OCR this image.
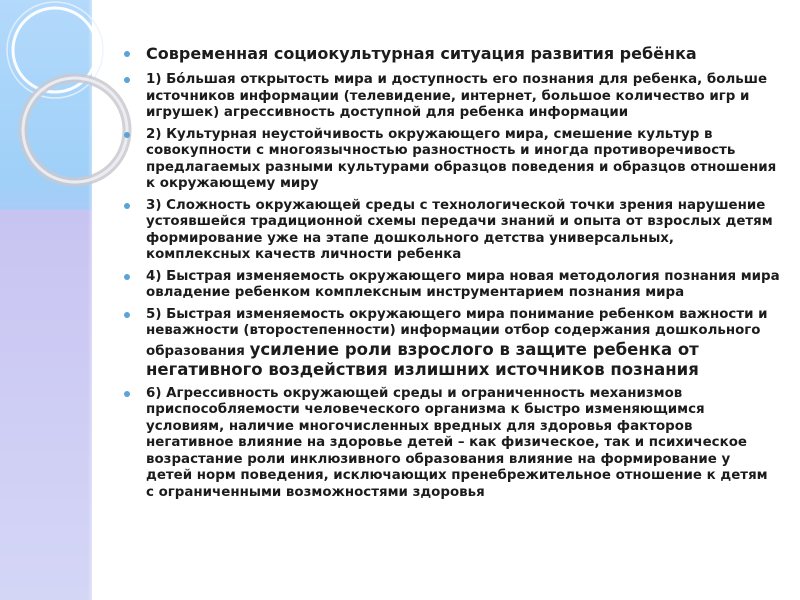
Современная социокультурная ситуация развития ребёнка
1) Бо́льшая открытость мира и доступность его познания для ребенка, больше источников информации (телевидение, интернет, большое количество игр и игрушек) агрессивность доступной для ребенка информации
2) Культурная неустойчивость окружающего мира, смешение культур в совокупности с многоязычностью разностность и иногда противоречивость предлагаемых разными культурами образцов поведения и образцов отношения к окружающему миру
3) Сложность окружающей среды с технологической точки зрения нарушение устоявшейся традиционной схемы передачи знаний и опыта от взрослых детям формирование уже на этапе дошкольного детства универсальных, комплексных качеств личности ребенка
4) Быстрая изменяемость окружающего мира новая методология познания мира овладение ребенком комплексным инструментарием познания мира
5) Быстрая изменяемость окружающего мира понимание ребенком важности и неважности (второстепенности) информации отбор содержания дошкольного образования усиление роли взрослого в защите ребенка от негативного воздействия излишних источников познания
6) Агрессивность окружающей среды и ограниченность механизмов приспособляемости человеческого организма к быстро изменяющимся условиям, наличие многочисленных вредных для здоровья факторов негативное влияние на здоровье детей – как физическое, так и психическое возрастание роли инклюзивного образования влияние на формирование у детей норм поведения, исключающих пренебрежительное отношение к детям с ограниченными возможностями здоровья
